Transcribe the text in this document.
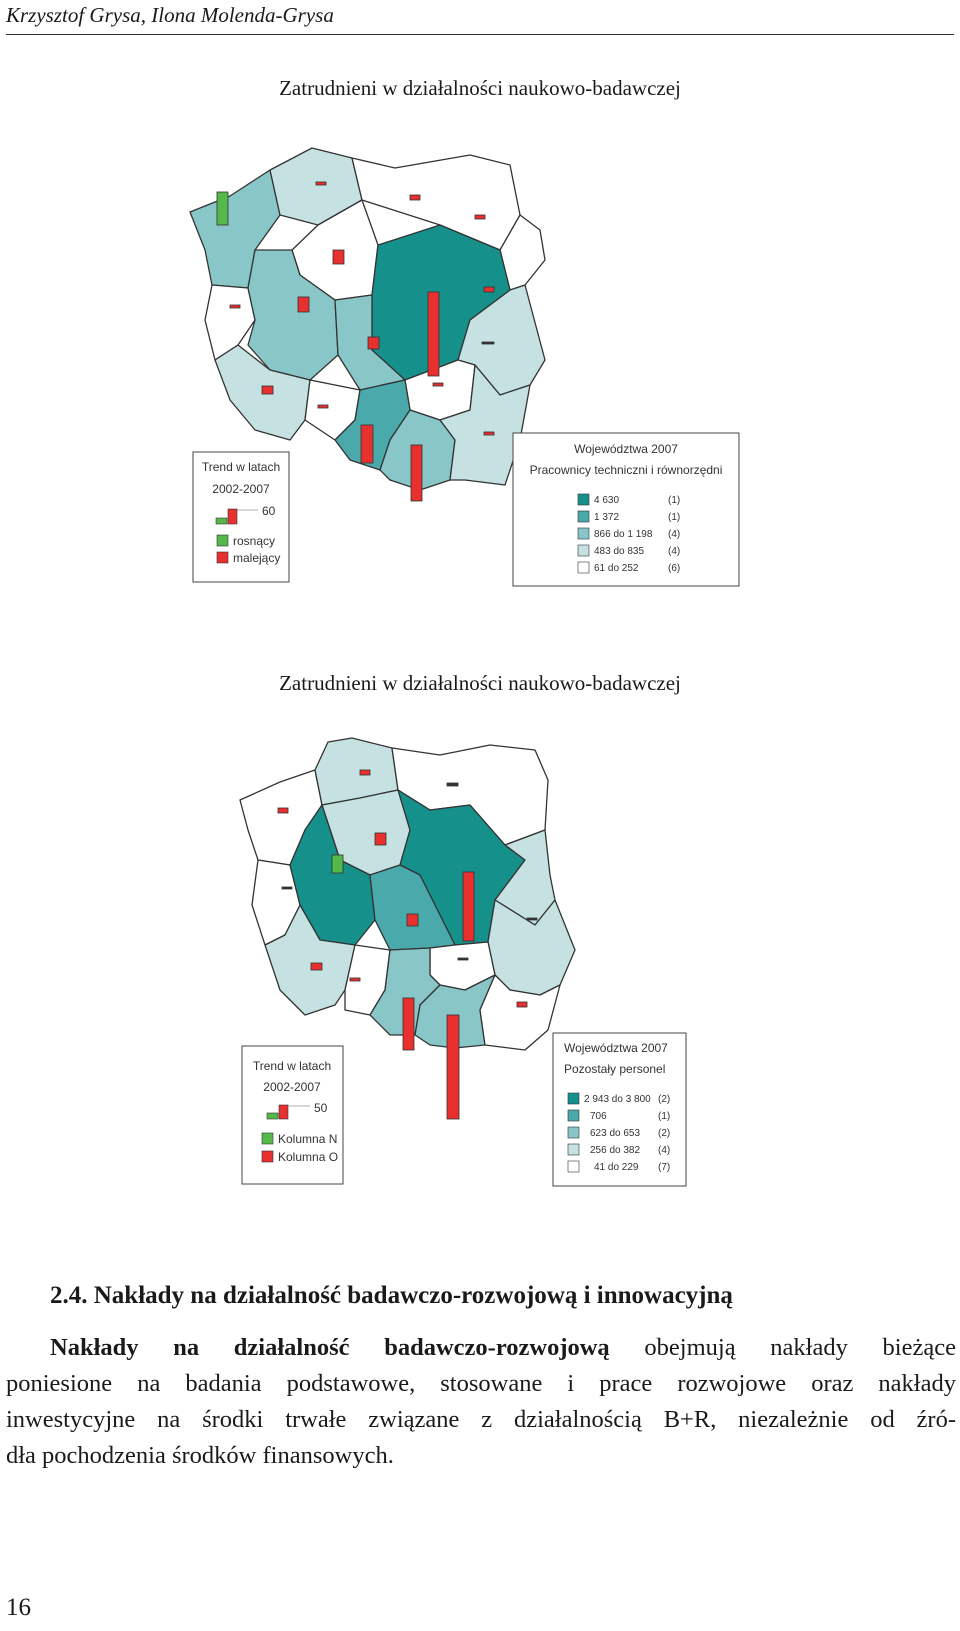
Krzysztof Grysa, Ilona Molenda-Grysa
Zatrudnieni w działalności naukowo-badawczej
Trend w latach
2002-2007
60
rosnący
malejący
Województwa 2007
Pracownicy techniczni i równorzędni
4 630
1 372
866 do 1 198
483 do 835
61 do 252
(1)
(1)
(4)
(4)
(6)
Zatrudnieni w działalności naukowo-badawczej
Trend w latach
2002-2007
50
Kolumna N
Kolumna O
Województwa 2007
Pozostały personel
2 943 do 3 800
706
623 do 653
256 do 382
41 do 229
(2)
(1)
(2)
(4)
(7)
2.4. Nakłady na działalność badawczo-rozwojową i innowacyjną
Nakłady na działalność badawczo-rozwojową obejmują nakłady bieżące
poniesione na badania podstawowe, stosowane i prace rozwojowe oraz nakłady
inwestycyjne na środki trwałe związane z działalnością B+R, niezależnie od źró-
dła pochodzenia środków finansowych.
16
